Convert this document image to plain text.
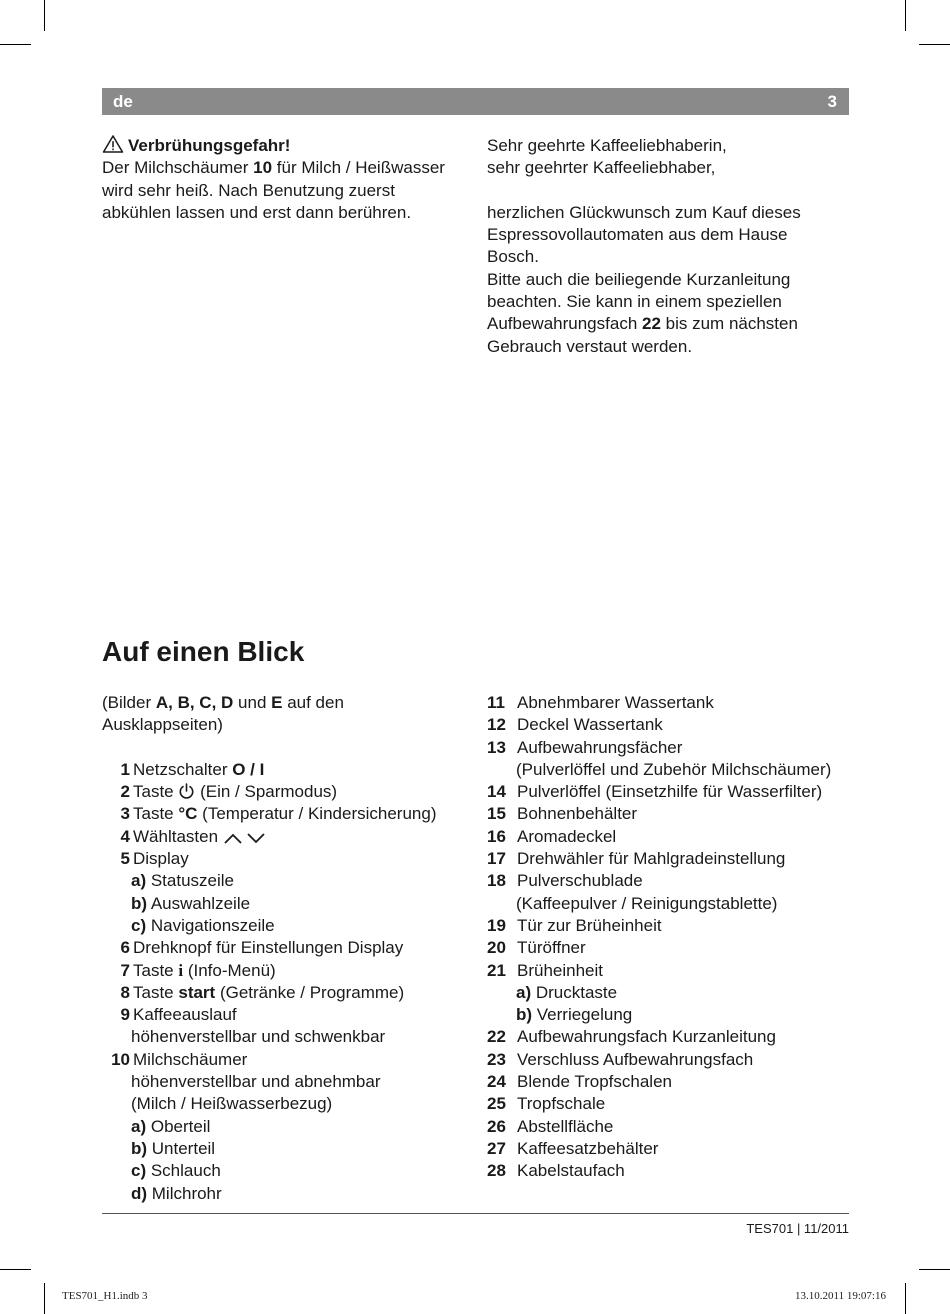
de	3

Verbrühungsgefahr!

Der Milchschäumer 10 für Milch / Heißwasser

wird sehr heiß. Nach Benutzung zuerst

abkühlen lassen und erst dann berühren.

Sehr geehrte Kaffeeliebhaberin,

sehr geehrter Kaffeeliebhaber,

herzlichen Glückwunsch zum Kauf dieses

Espressovollautomaten aus dem Hause

Bosch.

Bitte auch die beiliegende Kurzanleitung

beachten. Sie kann in einem speziellen

Aufbewahrungsfach 22 bis zum nächsten

Gebrauch verstaut werden.

Auf einen Blick

(Bilder A, B, C, D und E auf den

Ausklappseiten)

1 Netzschalter O / I
2 Taste  (Ein / Sparmodus)
3 Taste °C (Temperatur / Kindersicherung)
4 Wähltasten
5 Display

a) Statuszeile

b) Auswahlzeile

c) Navigationszeile

6 Drehknopf für Einstellungen Display
7 Taste i (Info-Menü)
8 Taste start (Getränke / Programme)
9 Kaffeeauslauf

höhenverstellbar und schwenkbar

10 Milchschäumer

höhenverstellbar und abnehmbar

(Milch / Heißwasserbezug)

a) Oberteil

b) Unterteil

c) Schlauch

d) Milchrohr

11 Abnehmbarer Wassertank
12 Deckel Wassertank
13 Aufbewahrungsfächer

(Pulverlöffel und Zubehör Milchschäumer)

14 Pulverlöffel (Einsetzhilfe für Wasserfilter)
15 Bohnenbehälter
16 Aromadeckel
17 Drehwähler für Mahlgradeinstellung
18 Pulverschublade

(Kaffeepulver / Reinigungstablette)

19 Tür zur Brüheinheit
20 Türöffner
21 Brüheinheit

a) Drucktaste

b) Verriegelung

22 Aufbewahrungsfach Kurzanleitung
23 Verschluss Aufbewahrungsfach
24 Blende Tropfschalen
25 Tropfschale
26 Abstellfläche
27 Kaffeesatzbehälter
28 Kabelstaufach
TES701 | 11/2011
TES701_H1.indb 3	13.10.2011 19:07:16
